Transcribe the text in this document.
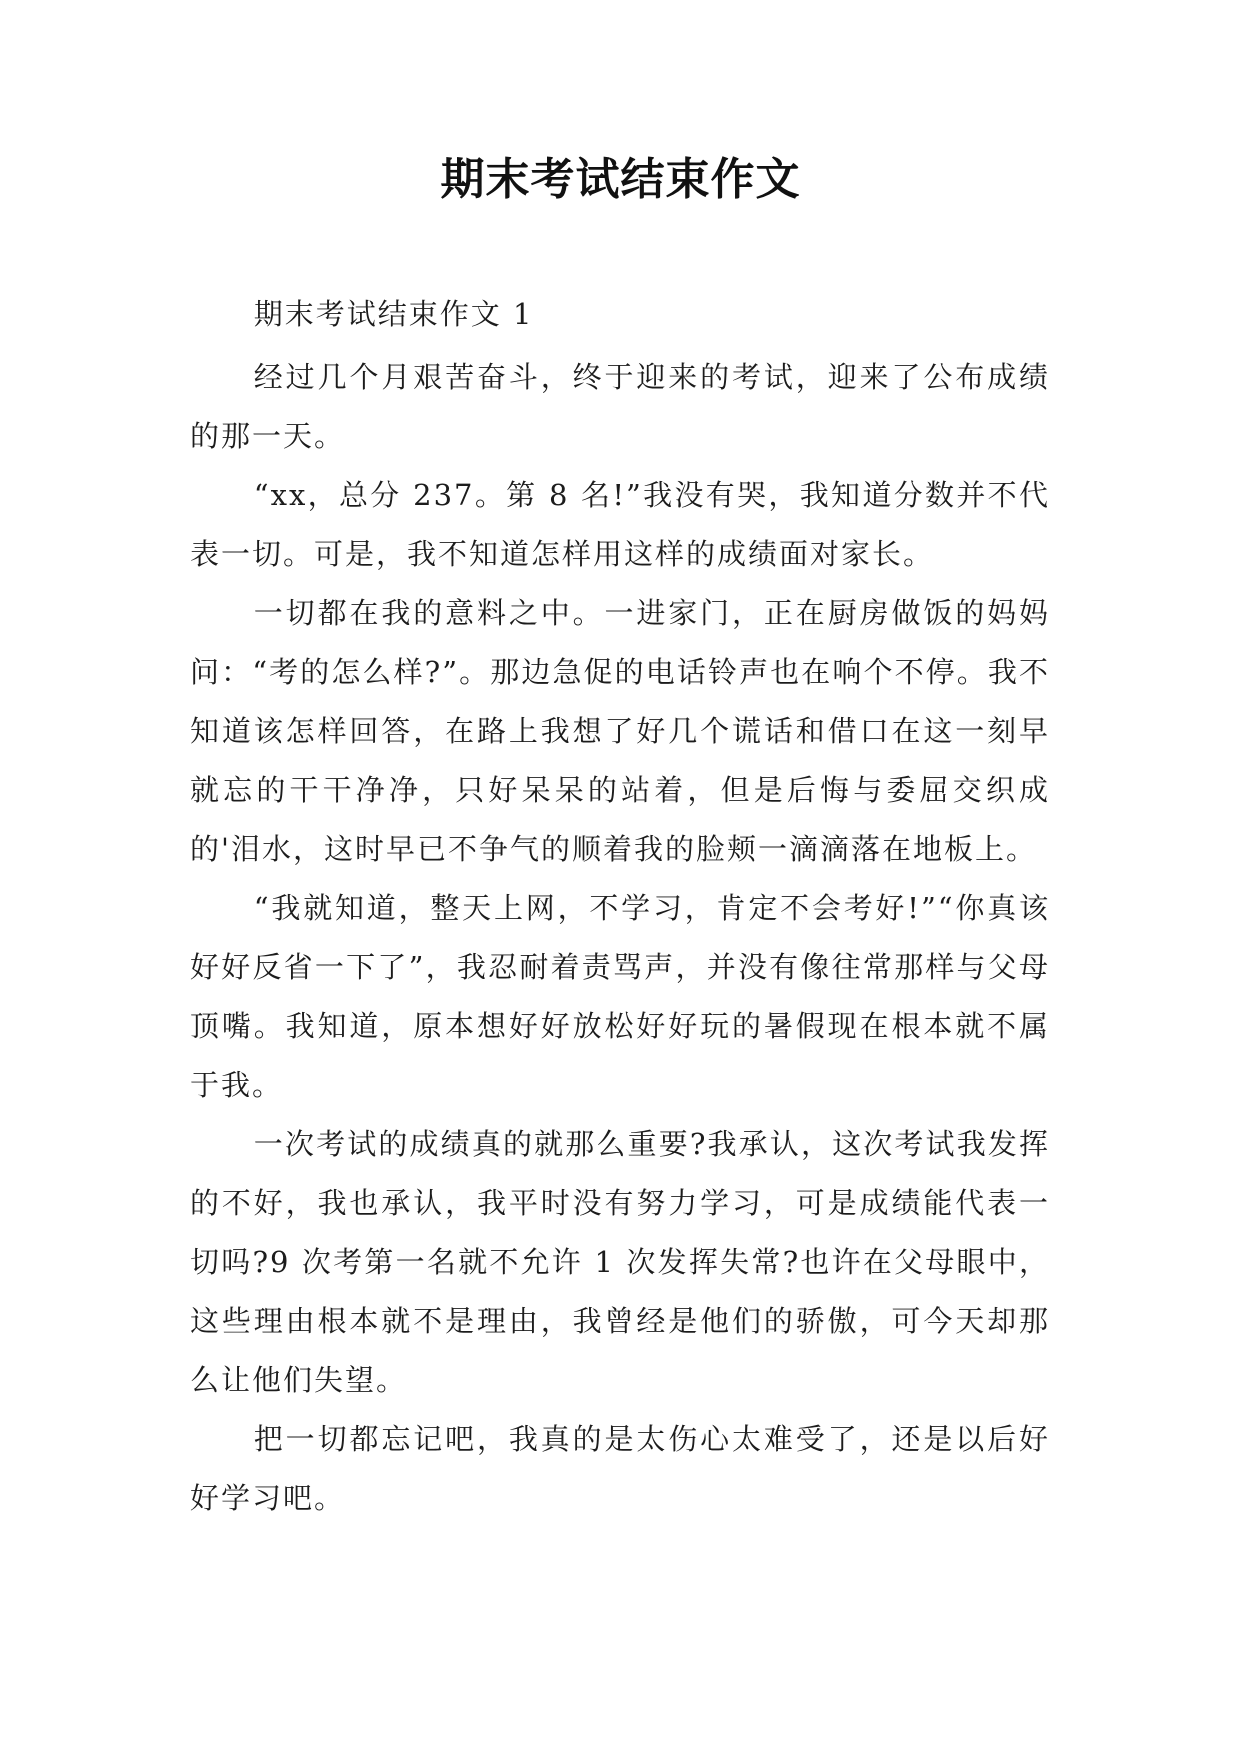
期末考试结束作文

期末考试结束作文 1

经过几个月艰苦奋斗，终于迎来的考试，迎来了公布成绩的那一天。

“xx，总分 237。第 8 名!”我没有哭，我知道分数并不代表一切。可是，我不知道怎样用这样的成绩面对家长。

一切都在我的意料之中。一进家门，正在厨房做饭的妈妈问：“考的怎么样?”。那边急促的电话铃声也在响个不停。我不知道该怎样回答，在路上我想了好几个谎话和借口在这一刻早就忘的干干净净，只好呆呆的站着，但是后悔与委屈交织成的'泪水，这时早已不争气的顺着我的脸颊一滴滴落在地板上。

“我就知道，整天上网，不学习，肯定不会考好!”“你真该好好反省一下了”，我忍耐着责骂声，并没有像往常那样与父母顶嘴。我知道，原本想好好放松好好玩的暑假现在根本就不属于我。

一次考试的成绩真的就那么重要?我承认，这次考试我发挥的不好，我也承认，我平时没有努力学习，可是成绩能代表一切吗?9 次考第一名就不允许 1 次发挥失常?也许在父母眼中，这些理由根本就不是理由，我曾经是他们的骄傲，可今天却那么让他们失望。

把一切都忘记吧，我真的是太伤心太难受了，还是以后好好学习吧。
